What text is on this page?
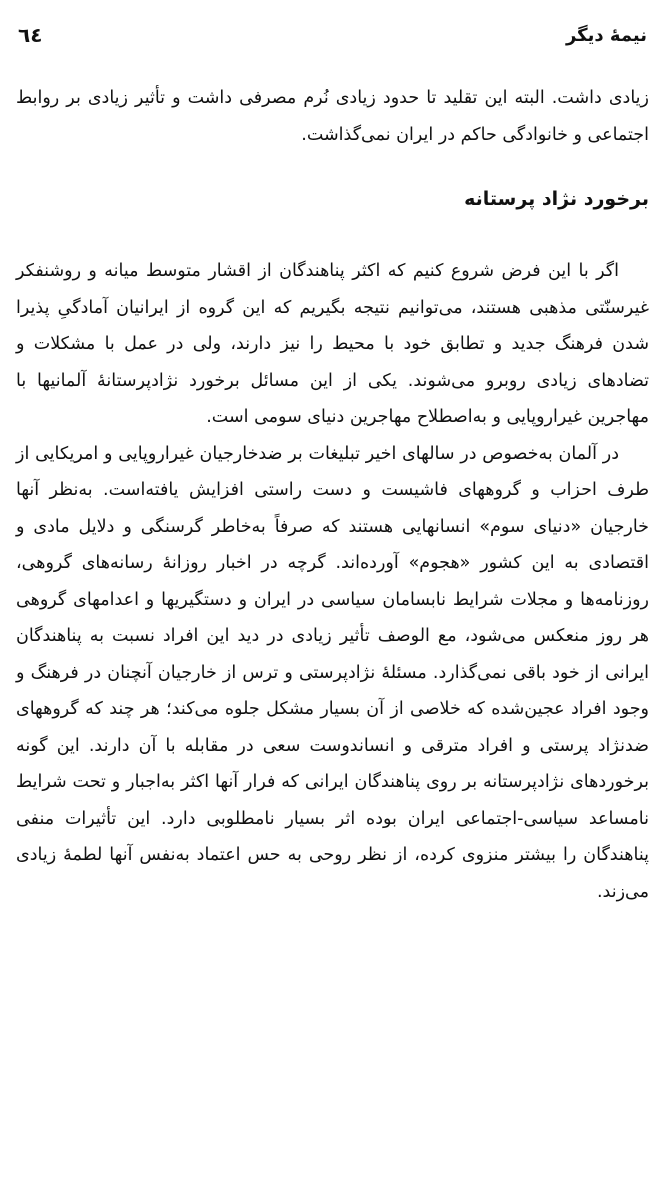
نیمهٔ دیگر
٦٤

زیادی داشت. البته این تقلید تا حدود زیادی نُرم مصرفی داشت و تأثیر زیادی بر روابط اجتماعی و خانوادگی حاکم در ایران نمی‌گذاشت.

برخورد نژاد پرستانه

اگر با این فرض شروع کنیم که اکثر پناهندگان از اقشار متوسط میانه و روشنفکر غیرسنّتی مذهبی هستند، می‌توانیم نتیجه بگیریم که این گروه از ایرانیان آمادگیِ پذیرا شدن فرهنگ جدید و تطابق خود با محیط را نیز دارند، ولی در عمل با مشکلات و تضادهای زیادی روبرو می‌شوند. یکی از این مسائل برخورد نژادپرستانهٔ آلمانیها با مهاجرین غیراروپایی و به‌اصطلاح مهاجرین دنیای سومی است.

در آلمان به‌خصوص در سالهای اخیر تبلیغات بر ضدخارجیان غیراروپایی و امریکایی از طرف احزاب و گروههای فاشیست و دست راستی افزایش یافته‌است. به‌نظر آنها خارجیان «دنیای سوم» انسانهایی هستند که صرفاً به‌خاطر گرسنگی و دلایل مادی و اقتصادی به این کشور «هجوم» آورده‌اند. گرچه در اخبار روزانهٔ رسانه‌های گروهی، روزنامه‌ها و مجلات شرایط نابسامان سیاسی در ایران و دستگیریها و اعدامهای گروهی هر روز منعکس می‌شود، مع الوصف تأثیر زیادی در دید این افراد نسبت به پناهندگان ایرانی از خود باقی نمی‌گذارد. مسئلهٔ نژادپرستی و ترس از خارجیان آنچنان در فرهنگ و وجود افراد عجین‌شده که خلاصی از آن بسیار مشکل جلوه می‌کند؛ هر چند که گروههای ضدنژاد پرستی و افراد مترقی و انساندوست سعی در مقابله با آن دارند. این گونه برخوردهای نژادپرستانه بر روی پناهندگان ایرانی که فرار آنها اکثر به‌اجبار و تحت شرایط نامساعد سیاسی-اجتماعی ایران بوده اثر بسیار نامطلوبی دارد. این تأثیرات منفی پناهندگان را بیشتر منزوی کرده، از نظر روحی به حس اعتماد به‌نفس آنها لطمهٔ زیادی می‌زند.
